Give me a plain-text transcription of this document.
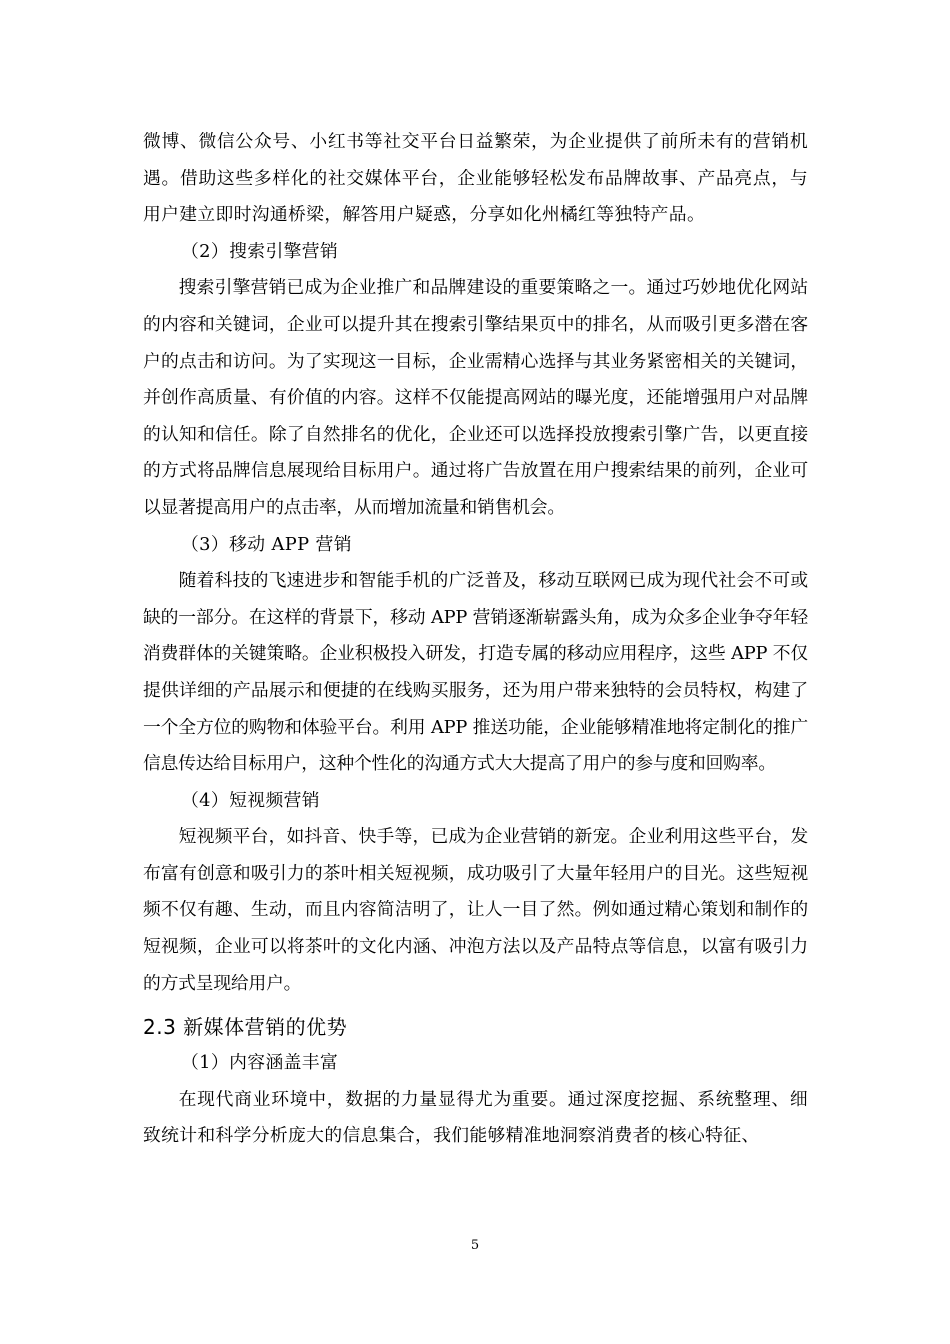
微博、微信公众号、小红书等社交平台日益繁荣，为企业提供了前所未有的营销机遇。借助这些多样化的社交媒体平台，企业能够轻松发布品牌故事、产品亮点，与用户建立即时沟通桥梁，解答用户疑惑，分享如化州橘红等独特产品。

（2）搜索引擎营销

搜索引擎营销已成为企业推广和品牌建设的重要策略之一。通过巧妙地优化网站的内容和关键词，企业可以提升其在搜索引擎结果页中的排名，从而吸引更多潜在客户的点击和访问。为了实现这一目标，企业需精心选择与其业务紧密相关的关键词，并创作高质量、有价值的内容。这样不仅能提高网站的曝光度，还能增强用户对品牌的认知和信任。除了自然排名的优化，企业还可以选择投放搜索引擎广告，以更直接的方式将品牌信息展现给目标用户。通过将广告放置在用户搜索结果的前列，企业可以显著提高用户的点击率，从而增加流量和销售机会。

（3）移动 APP 营销

随着科技的飞速进步和智能手机的广泛普及，移动互联网已成为现代社会不可或缺的一部分。在这样的背景下，移动 APP 营销逐渐崭露头角，成为众多企业争夺年轻消费群体的关键策略。企业积极投入研发，打造专属的移动应用程序，这些 APP 不仅提供详细的产品展示和便捷的在线购买服务，还为用户带来独特的会员特权，构建了一个全方位的购物和体验平台。利用 APP 推送功能，企业能够精准地将定制化的推广信息传达给目标用户，这种个性化的沟通方式大大提高了用户的参与度和回购率。

（4）短视频营销

短视频平台，如抖音、快手等，已成为企业营销的新宠。企业利用这些平台，发布富有创意和吸引力的茶叶相关短视频，成功吸引了大量年轻用户的目光。这些短视频不仅有趣、生动，而且内容简洁明了，让人一目了然。例如通过精心策划和制作的短视频，企业可以将茶叶的文化内涵、冲泡方法以及产品特点等信息，以富有吸引力的方式呈现给用户。

2.3 新媒体营销的优势

（1）内容涵盖丰富

在现代商业环境中，数据的力量显得尤为重要。通过深度挖掘、系统整理、细致统计和科学分析庞大的信息集合，我们能够精准地洞察消费者的核心特征、

5
